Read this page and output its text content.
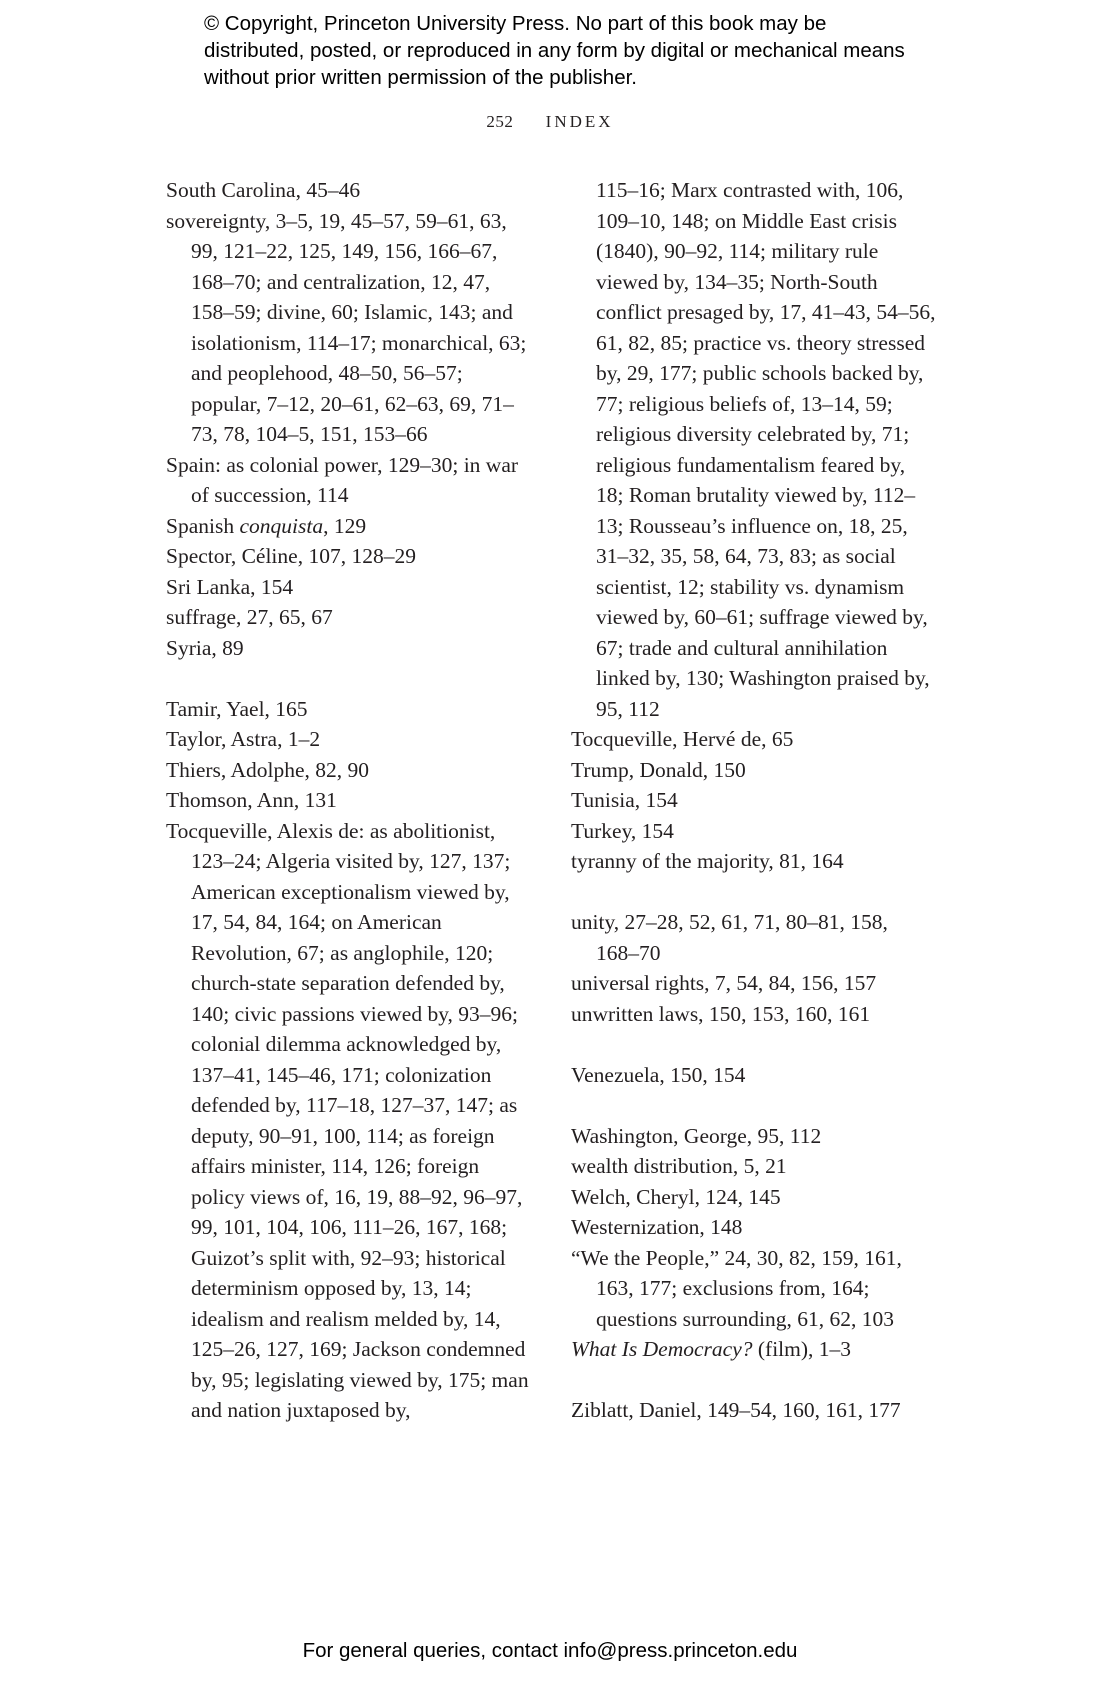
© Copyright, Princeton University Press. No part of this book may be distributed, posted, or reproduced in any form by digital or mechanical means without prior written permission of the publisher.
252 INDEX
South Carolina, 45–46
sovereignty, 3–5, 19, 45–57, 59–61, 63, 99, 121–22, 125, 149, 156, 166–67, 168–70; and centralization, 12, 47, 158–59; divine, 60; Islamic, 143; and isolationism, 114–17; monarchical, 63; and peoplehood, 48–50, 56–57; popular, 7–12, 20–61, 62–63, 69, 71–73, 78, 104–5, 151, 153–66
Spain: as colonial power, 129–30; in war of succession, 114
Spanish conquista, 129
Spector, Céline, 107, 128–29
Sri Lanka, 154
suffrage, 27, 65, 67
Syria, 89
Tamir, Yael, 165
Taylor, Astra, 1–2
Thiers, Adolphe, 82, 90
Thomson, Ann, 131
Tocqueville, Alexis de: as abolitionist, 123–24; Algeria visited by, 127, 137; American exceptionalism viewed by, 17, 54, 84, 164; on American Revolution, 67; as anglophile, 120; church-state separation defended by, 140; civic passions viewed by, 93–96; colonial dilemma acknowledged by, 137–41, 145–46, 171; colonization defended by, 117–18, 127–37, 147; as deputy, 90–91, 100, 114; as foreign affairs minister, 114, 126; foreign policy views of, 16, 19, 88–92, 96–97, 99, 101, 104, 106, 111–26, 167, 168; Guizot’s split with, 92–93; historical determinism opposed by, 13, 14; idealism and realism melded by, 14, 125–26, 127, 169; Jackson condemned by, 95; legislating viewed by, 175; man and nation juxtaposed by,
115–16; Marx contrasted with, 106, 109–10, 148; on Middle East crisis (1840), 90–92, 114; military rule viewed by, 134–35; North-South conflict presaged by, 17, 41–43, 54–56, 61, 82, 85; practice vs. theory stressed by, 29, 177; public schools backed by, 77; religious beliefs of, 13–14, 59; religious diversity celebrated by, 71; religious fundamentalism feared by, 18; Roman brutality viewed by, 112–13; Rousseau’s influence on, 18, 25, 31–32, 35, 58, 64, 73, 83; as social scientist, 12; stability vs. dynamism viewed by, 60–61; suffrage viewed by, 67; trade and cultural annihilation linked by, 130; Washington praised by, 95, 112
Tocqueville, Hervé de, 65
Trump, Donald, 150
Tunisia, 154
Turkey, 154
tyranny of the majority, 81, 164
unity, 27–28, 52, 61, 71, 80–81, 158, 168–70
universal rights, 7, 54, 84, 156, 157
unwritten laws, 150, 153, 160, 161
Venezuela, 150, 154
Washington, George, 95, 112
wealth distribution, 5, 21
Welch, Cheryl, 124, 145
Westernization, 148
“We the People,” 24, 30, 82, 159, 161, 163, 177; exclusions from, 164; questions surrounding, 61, 62, 103
What Is Democracy? (film), 1–3
Ziblatt, Daniel, 149–54, 160, 161, 177
For general queries, contact info@press.princeton.edu
